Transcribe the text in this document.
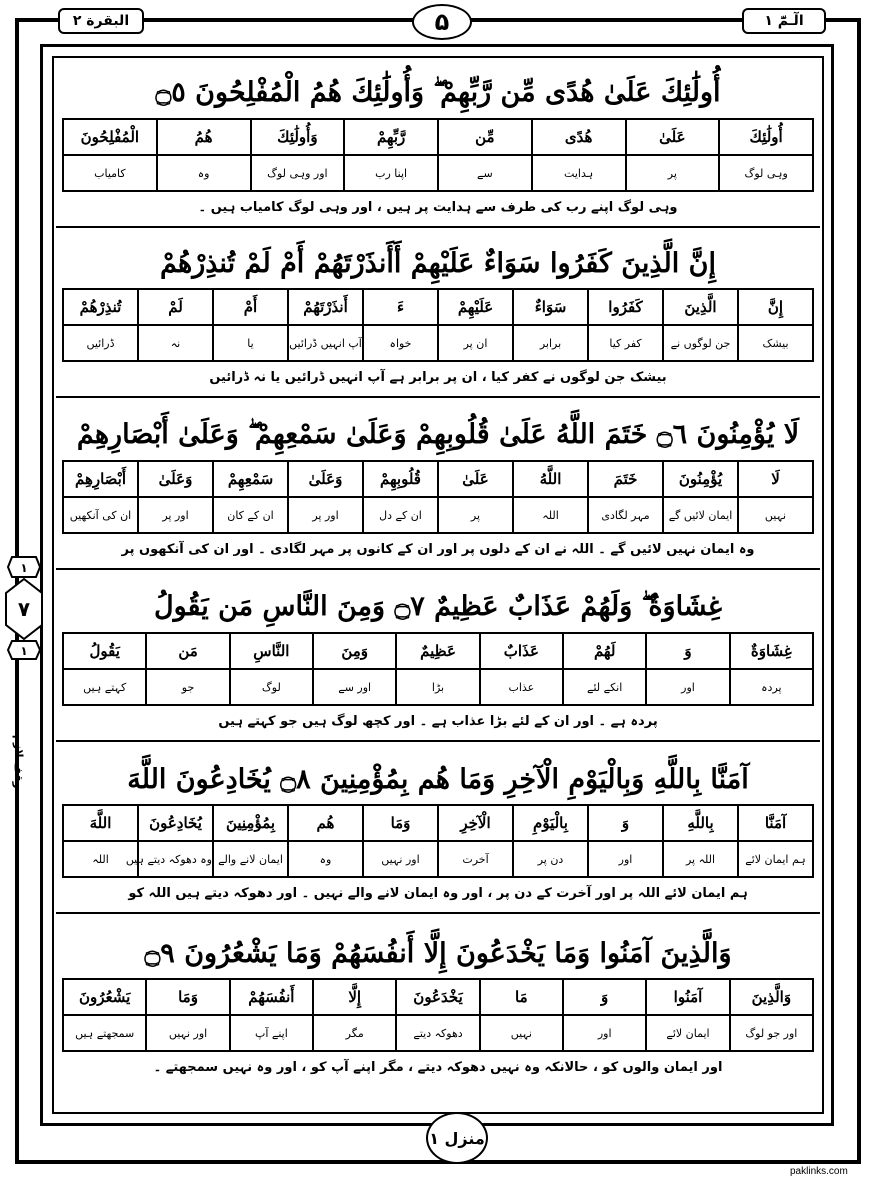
البقرة ۲	۵	الٓـمّٓ ۱
۱
۷
۱
وقف لازم
أُولَٰئِكَ عَلَىٰ هُدًى مِّن رَّبِّهِمْ ۖ وَأُولَٰئِكَ هُمُ الْمُفْلِحُونَ ۝٥
أُولَٰئِكَ	عَلَىٰ	هُدًى	مِّن	رَّبِّهِمْ	وَأُولَٰئِكَ	هُمُ	الْمُفْلِحُونَ
وہی لوگ	پر	ہدایت	سے	اپنا رب	اور وہی لوگ	وہ	کامیاب
وہی لوگ اپنے رب کی طرف سے ہدایت پر ہیں ، اور وہی لوگ کامیاب ہیں ۔
إِنَّ الَّذِينَ كَفَرُوا سَوَاءٌ عَلَيْهِمْ أَأَنذَرْتَهُمْ أَمْ لَمْ تُنذِرْهُمْ
إِنَّ	الَّذِينَ	كَفَرُوا	سَوَاءٌ	عَلَيْهِمْ	ءَ	أَنذَرْتَهُمْ	أَمْ	لَمْ	تُنذِرْهُمْ
بیشک	جن لوگوں نے	کفر کیا	برابر	ان پر	خواہ	آپ انہیں ڈرائیں	یا	نہ	ڈرائیں
بیشک جن لوگوں نے کفر کیا ، ان پر برابر ہے آپ انہیں ڈرائیں یا نہ ڈرائیں
لَا يُؤْمِنُونَ ۝٦ خَتَمَ اللَّهُ عَلَىٰ قُلُوبِهِمْ وَعَلَىٰ سَمْعِهِمْ ۖ وَعَلَىٰ أَبْصَارِهِمْ
لَا	يُؤْمِنُونَ	خَتَمَ	اللَّهُ	عَلَىٰ	قُلُوبِهِمْ	وَعَلَىٰ	سَمْعِهِمْ	وَعَلَىٰ	أَبْصَارِهِمْ
نہیں	ایمان لائیں گے	مہر لگادی	اللہ	پر	ان کے دل	اور پر	ان کے کان	اور پر	ان کی آنکھیں
وہ ایمان نہیں لائیں گے ۔ اللہ نے ان کے دلوں پر اور ان کے کانوں پر مہر لگادی ۔ اور ان کی آنکھوں پر
غِشَاوَةٌ ۖ وَلَهُمْ عَذَابٌ عَظِيمٌ ۝٧ وَمِنَ النَّاسِ مَن يَقُولُ
غِشَاوَةٌ	وَ	لَهُمْ	عَذَابٌ	عَظِيمٌ	وَمِنَ	النَّاسِ	مَن	يَقُولُ
پردہ	اور	انکے لئے	عذاب	بڑا	اور سے	لوگ	جو	کہتے ہیں
پردہ ہے ۔ اور ان کے لئے بڑا عذاب ہے ۔ اور کچھ لوگ ہیں جو کہتے ہیں
آمَنَّا بِاللَّهِ وَبِالْيَوْمِ الْآخِرِ وَمَا هُم بِمُؤْمِنِينَ ۝٨ يُخَادِعُونَ اللَّهَ
آمَنَّا	بِاللَّهِ	وَ	بِالْيَوْمِ	الْآخِرِ	وَمَا	هُم	بِمُؤْمِنِينَ	يُخَادِعُونَ	اللَّهَ
ہم ایمان لائے	اللہ پر	اور	دن پر	آخرت	اور نہیں	وہ	ایمان لانے والے	وہ دھوکہ دیتے ہیں	اللہ
ہم ایمان لائے اللہ پر اور آخرت کے دن پر ، اور وہ ایمان لانے والے نہیں ۔ اور دھوکہ دیتے ہیں اللہ کو
وَالَّذِينَ آمَنُوا وَمَا يَخْدَعُونَ إِلَّا أَنفُسَهُمْ وَمَا يَشْعُرُونَ ۝٩
وَالَّذِينَ	آمَنُوا	وَ	مَا	يَخْدَعُونَ	إِلَّا	أَنفُسَهُمْ	وَمَا	يَشْعُرُونَ
اور جو لوگ	ایمان لائے	اور	نہیں	دھوکہ دیتے	مگر	اپنے آپ	اور نہیں	سمجھتے ہیں
اور ایمان والوں کو ، حالانکہ وہ نہیں دھوکہ دیتے ، مگر اپنے آپ کو ، اور وہ نہیں سمجھتے ۔
منزل ۱
paklinks.com
